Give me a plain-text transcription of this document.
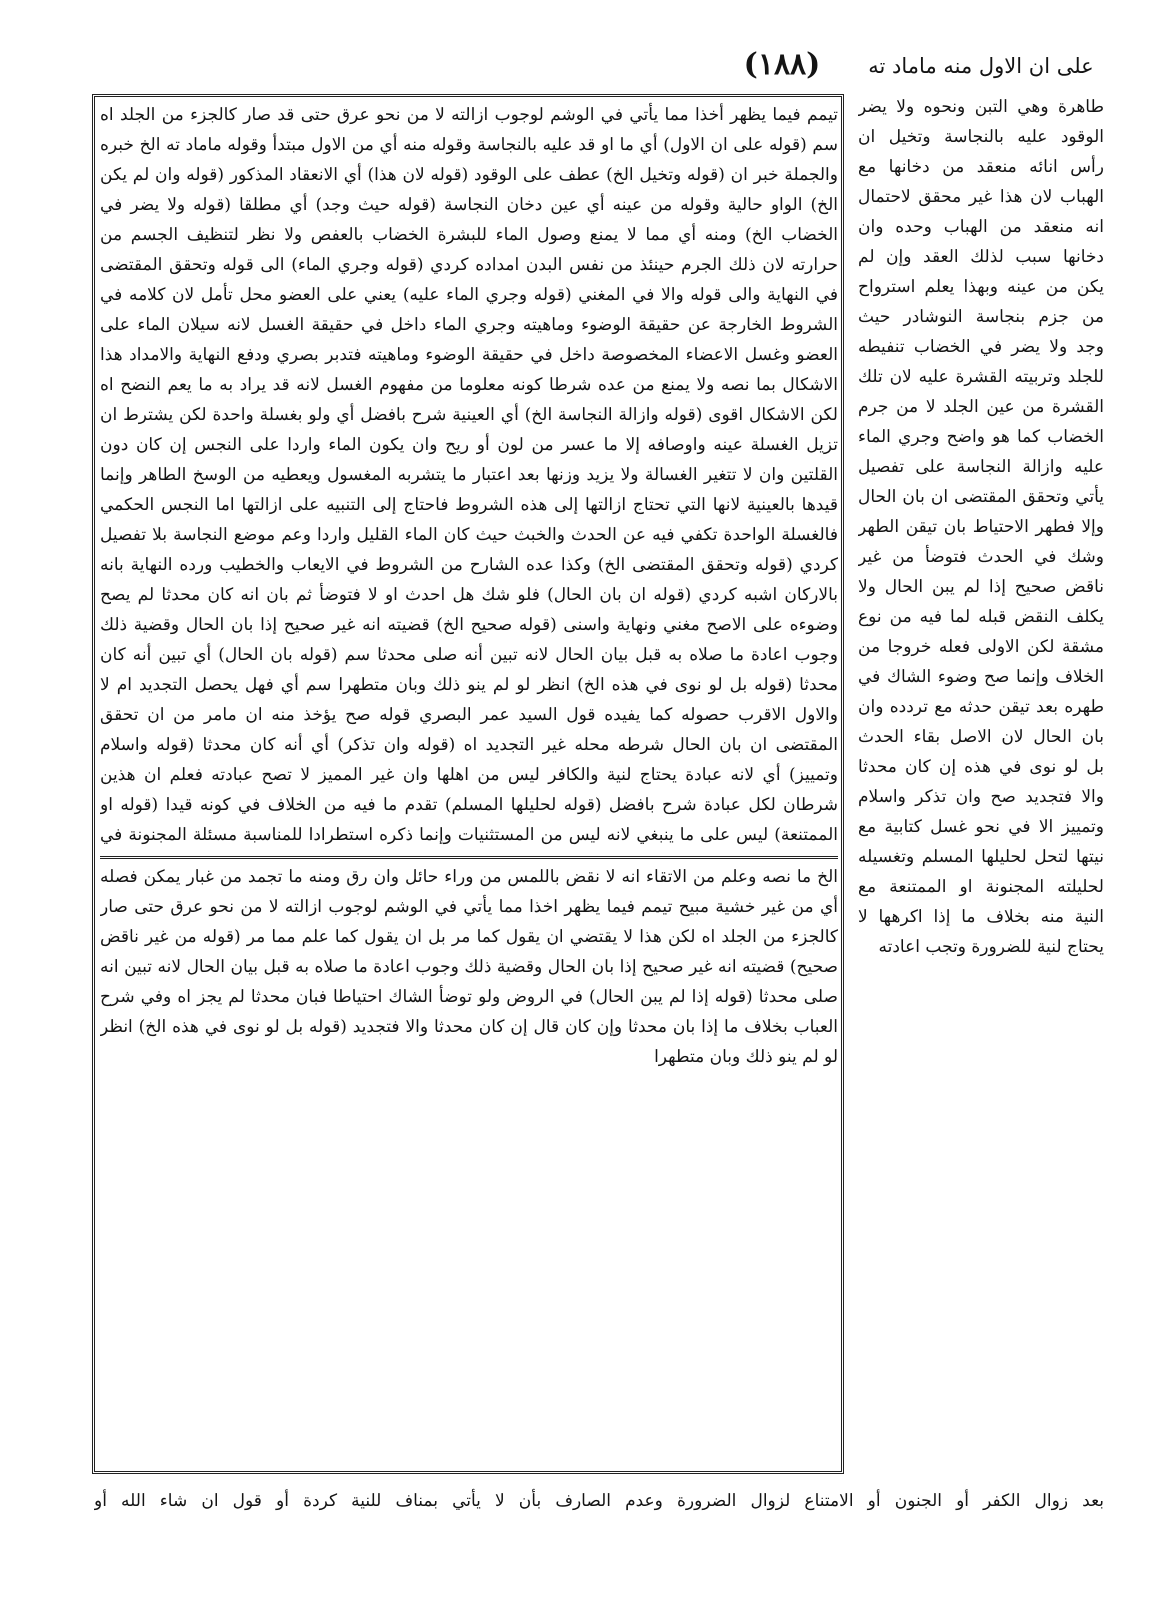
(١٨٨)	على ان الاول منه ماماد ته
تيمم فيما يظهر أخذا مما يأتي في الوشم لوجوب ازالته لا من نحو عرق حتى قد صار كالجزء من الجلد اه سم (قوله على ان الاول) أي ما او قد عليه بالنجاسة وقوله منه أي من الاول مبتدأ وقوله ماماد ته الخ خبره والجملة خبر ان (قوله وتخيل الخ) عطف على الوقود (قوله لان هذا) أي الانعقاد المذكور (قوله وان لم يكن الخ) الواو حالية وقوله من عينه أي عين دخان النجاسة (قوله حيث وجد) أي مطلقا (قوله ولا يضر في الخضاب الخ) ومنه أي مما لا يمنع وصول الماء للبشرة الخضاب بالعفص ولا نظر لتنظيف الجسم من حرارته لان ذلك الجرم حينئذ من نفس البدن امداده كردي (قوله وجري الماء) الى قوله وتحقق المقتضى في النهاية والى قوله والا في المغني (قوله وجري الماء عليه) يعني على العضو محل تأمل لان كلامه في الشروط الخارجة عن حقيقة الوضوء وماهيته وجري الماء داخل في حقيقة الغسل لانه سيلان الماء على العضو وغسل الاعضاء المخصوصة داخل في حقيقة الوضوء وماهيته فتدبر بصري ودفع النهاية والامداد هذا الاشكال بما نصه ولا يمنع من عده شرطا كونه معلوما من مفهوم الغسل لانه قد يراد به ما يعم النضح اه لكن الاشكال اقوى (قوله وازالة النجاسة الخ) أي العينية شرح بافضل أي ولو بغسلة واحدة لكن يشترط ان تزيل الغسلة عينه واوصافه إلا ما عسر من لون أو ريح وان يكون الماء واردا على النجس إن كان دون القلتين وان لا تتغير الغسالة ولا يزيد وزنها بعد اعتبار ما يتشربه المغسول ويعطيه من الوسخ الطاهر وإنما قيدها بالعينية لانها التي تحتاج ازالتها إلى هذه الشروط فاحتاج إلى التنبيه على ازالتها اما النجس الحكمي فالغسلة الواحدة تكفي فيه عن الحدث والخبث حيث كان الماء القليل واردا وعم موضع النجاسة بلا تفصيل كردي (قوله وتحقق المقتضى الخ) وكذا عده الشارح من الشروط في الايعاب والخطيب ورده النهاية بانه بالاركان اشبه كردي (قوله ان بان الحال) فلو شك هل احدث او لا فتوضأ ثم بان انه كان محدثا لم يصح وضوءه على الاصح مغني ونهاية واسنى (قوله صحيح الخ) قضيته انه غير صحيح إذا بان الحال وقضية ذلك وجوب اعادة ما صلاه به قبل بيان الحال لانه تبين أنه صلى محدثا سم (قوله بان الحال) أي تبين أنه كان محدثا (قوله بل لو نوى في هذه الخ) انظر لو لم ينو ذلك وبان متطهرا سم أي فهل يحصل التجديد ام لا والاول الاقرب حصوله كما يفيده قول السيد عمر البصري قوله صح يؤخذ منه ان مامر من ان تحقق المقتضى ان بان الحال شرطه محله غير التجديد اه (قوله وان تذكر) أي أنه كان محدثا (قوله واسلام وتمييز) أي لانه عبادة يحتاج لنية والكافر ليس من اهلها وان غير المميز لا تصح عبادته فعلم ان هذين شرطان لكل عبادة شرح بافضل (قوله لحليلها المسلم) تقدم ما فيه من الخلاف في كونه قيدا (قوله او الممتنعة) ليس على ما ينبغي لانه ليس من المستثنيات وإنما ذكره استطرادا للمناسبة مسئلة المجنونة في
الخ ما نصه وعلم من الاتقاء انه لا نقض باللمس من وراء حائل وان رق ومنه ما تجمد من غبار يمكن فصله أي من غير خشية مبيح تيمم فيما يظهر اخذا مما يأتي في الوشم لوجوب ازالته لا من نحو عرق حتى صار كالجزء من الجلد اه لكن هذا لا يقتضي ان يقول كما مر بل ان يقول كما علم مما مر (قوله من غير ناقض صحيح) قضيته انه غير صحيح إذا بان الحال وقضية ذلك وجوب اعادة ما صلاه به قبل بيان الحال لانه تبين انه صلى محدثا (قوله إذا لم يبن الحال) في الروض ولو توضأ الشاك احتياطا فبان محدثا لم يجز اه وفي شرح العباب بخلاف ما إذا بان محدثا وإن كان قال إن كان محدثا والا فتجديد (قوله بل لو نوى في هذه الخ) انظر لو لم ينو ذلك وبان متطهرا
طاهرة وهي التبن ونحوه ولا يضر الوقود عليه بالنجاسة وتخيل ان رأس انائه منعقد من دخانها مع الهباب لان هذا غير محقق لاحتمال انه منعقد من الهباب وحده وان دخانها سبب لذلك العقد وإن لم يكن من عينه وبهذا يعلم استرواح من جزم بنجاسة النوشادر حيث وجد ولا يضر في الخضاب تنفيطه للجلد وتربيته القشرة عليه لان تلك القشرة من عين الجلد لا من جرم الخضاب كما هو واضح وجري الماء عليه وازالة النجاسة على تفصيل يأتي وتحقق المقتضى ان بان الحال وإلا فطهر الاحتياط بان تيقن الطهر وشك في الحدث فتوضأ من غير ناقض صحيح إذا لم يبن الحال ولا يكلف النقض قبله لما فيه من نوع مشقة لكن الاولى فعله خروجا من الخلاف وإنما صح وضوء الشاك في طهره بعد تيقن حدثه مع تردده وان بان الحال لان الاصل بقاء الحدث بل لو نوى في هذه إن كان محدثا والا فتجديد صح وان تذكر واسلام وتمييز الا في نحو غسل كتابية مع نيتها لتحل لحليلها المسلم وتغسيله لحليلته المجنونة او الممتنعة مع النية منه بخلاف ما إذا اكرهها لا يحتاج لنية للضرورة وتجب اعادته
بعد زوال الكفر أو الجنون أو الامتناع لزوال الضرورة وعدم الصارف بأن لا يأتي بمناف للنية كردة أو قول ان شاء الله أو
